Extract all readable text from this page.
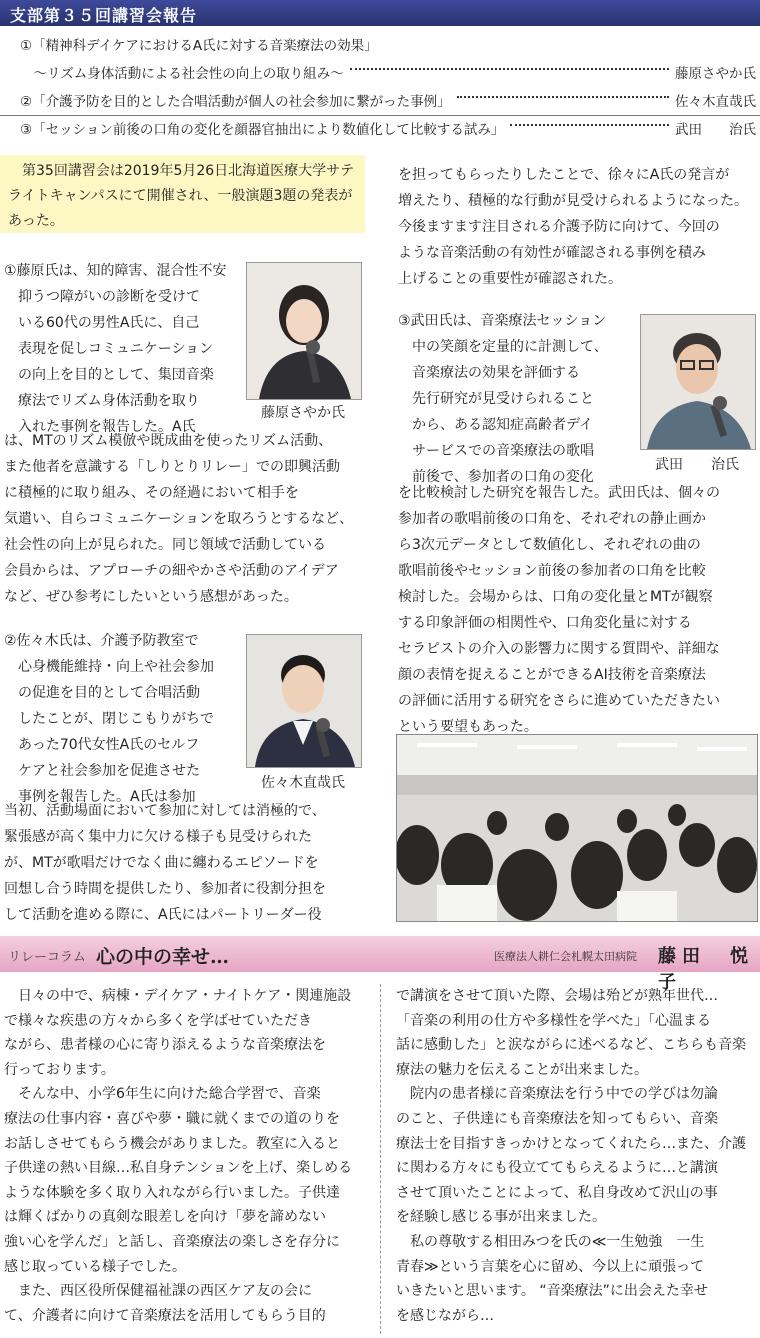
支部第３５回講習会報告
①「精神科デイケアにおけるA氏に対する音楽療法の効果」
　～リズム身体活動による社会性の向上の取り組み～	藤原さやか氏
②「介護予防を目的とした合唱活動が個人の社会参加に繋がった事例」	佐々木直哉氏
③「セッション前後の口角の変化を顔器官抽出により数値化して比較する試み」	武田　　治氏

　第35回講習会は2019年5月26日北海道医療大学サテライトキャンパスにて開催され、一般演題3題の発表があった。

①藤原氏は、知的障害、混合性不安

　抑うつ障がいの診断を受けて

　いる60代の男性A氏に、自己

　表現を促しコミュニケーション

　の向上を目的として、集団音楽

　療法でリズム身体活動を取り

　入れた事例を報告した。A氏

藤原さやか氏

は、MTのリズム模倣や既成曲を使ったリズム活動、

また他者を意識する「しりとりリレー」での即興活動

に積極的に取り組み、その経過において相手を

気遣い、自らコミュニケーションを取ろうとするなど、

社会性の向上が見られた。同じ領域で活動している

会員からは、アプローチの細やかさや活動のアイデア

など、ぜひ参考にしたいという感想があった。

②佐々木氏は、介護予防教室で

　心身機能維持・向上や社会参加

　の促進を目的として合唱活動

　したことが、閉じこもりがちで

　あった70代女性A氏のセルフ

　ケアと社会参加を促進させた

　事例を報告した。A氏は参加

佐々木直哉氏

当初、活動場面において参加に対しては消極的で、

緊張感が高く集中力に欠ける様子も見受けられた

が、MTが歌唱だけでなく曲に纏わるエピソードを

回想し合う時間を提供したり、参加者に役割分担を

して活動を進める際に、A氏にはパートリーダー役

を担ってもらったりしたことで、徐々にA氏の発言が

増えたり、積極的な行動が見受けられるようになった。

今後ますます注目される介護予防に向けて、今回の

ような音楽活動の有効性が確認される事例を積み

上げることの重要性が確認された。

③武田氏は、音楽療法セッション

　中の笑顔を定量的に計測して、

　音楽療法の効果を評価する

　先行研究が見受けられること

　から、ある認知症高齢者デイ

　サービスでの音楽療法の歌唱

　前後で、参加者の口角の変化

武田　　治氏

を比較検討した研究を報告した。武田氏は、個々の

参加者の歌唱前後の口角を、それぞれの静止画か

ら3次元データとして数値化し、それぞれの曲の

歌唱前後やセッション前後の参加者の口角を比較

検討した。会場からは、口角の変化量とMTが観察

する印象評価の相関性や、口角変化量に対する

セラピストの介入の影響力に関する質問や、詳細な

顔の表情を捉えることができるAI技術を音楽療法

の評価に活用する研究をさらに進めていただきたい

という要望もあった。

リレーコラム 心の中の幸せ…	医療法人耕仁会札幌太田病院 藤田　悦子

　日々の中で、病棟・デイケア・ナイトケア・関連施設

で様々な疾患の方々から多くを学ばせていただき

ながら、患者様の心に寄り添えるような音楽療法を

行っております。

　そんな中、小学6年生に向けた総合学習で、音楽

療法の仕事内容・喜びや夢・職に就くまでの道のりを

お話しさせてもらう機会がありました。教室に入ると

子供達の熱い目線…私自身テンションを上げ、楽しめる

ような体験を多く取り入れながら行いました。子供達

は輝くばかりの真剣な眼差しを向け「夢を諦めない

強い心を学んだ」と話し、音楽療法の楽しさを存分に

感じ取っている様子でした。

　また、西区役所保健福祉課の西区ケア友の会に

て、介護者に向けて音楽療法を活用してもらう目的

で講演をさせて頂いた際、会場は殆どが熟年世代…

「音楽の利用の仕方や多様性を学べた」「心温まる

話に感動した」と涙ながらに述べるなど、こちらも音楽

療法の魅力を伝えることが出来ました。

　院内の患者様に音楽療法を行う中での学びは勿論

のこと、子供達にも音楽療法を知ってもらい、音楽

療法士を目指すきっかけとなってくれたら…また、介護

に関わる方々にも役立ててもらえるように…と講演

させて頂いたことによって、私自身改めて沢山の事

を経験し感じる事が出来ました。

　私の尊敬する相田みつを氏の≪一生勉強　一生

青春≫という言葉を心に留め、今以上に頑張って

いきたいと思います。 “音楽療法”に出会えた幸せ

を感じながら…
